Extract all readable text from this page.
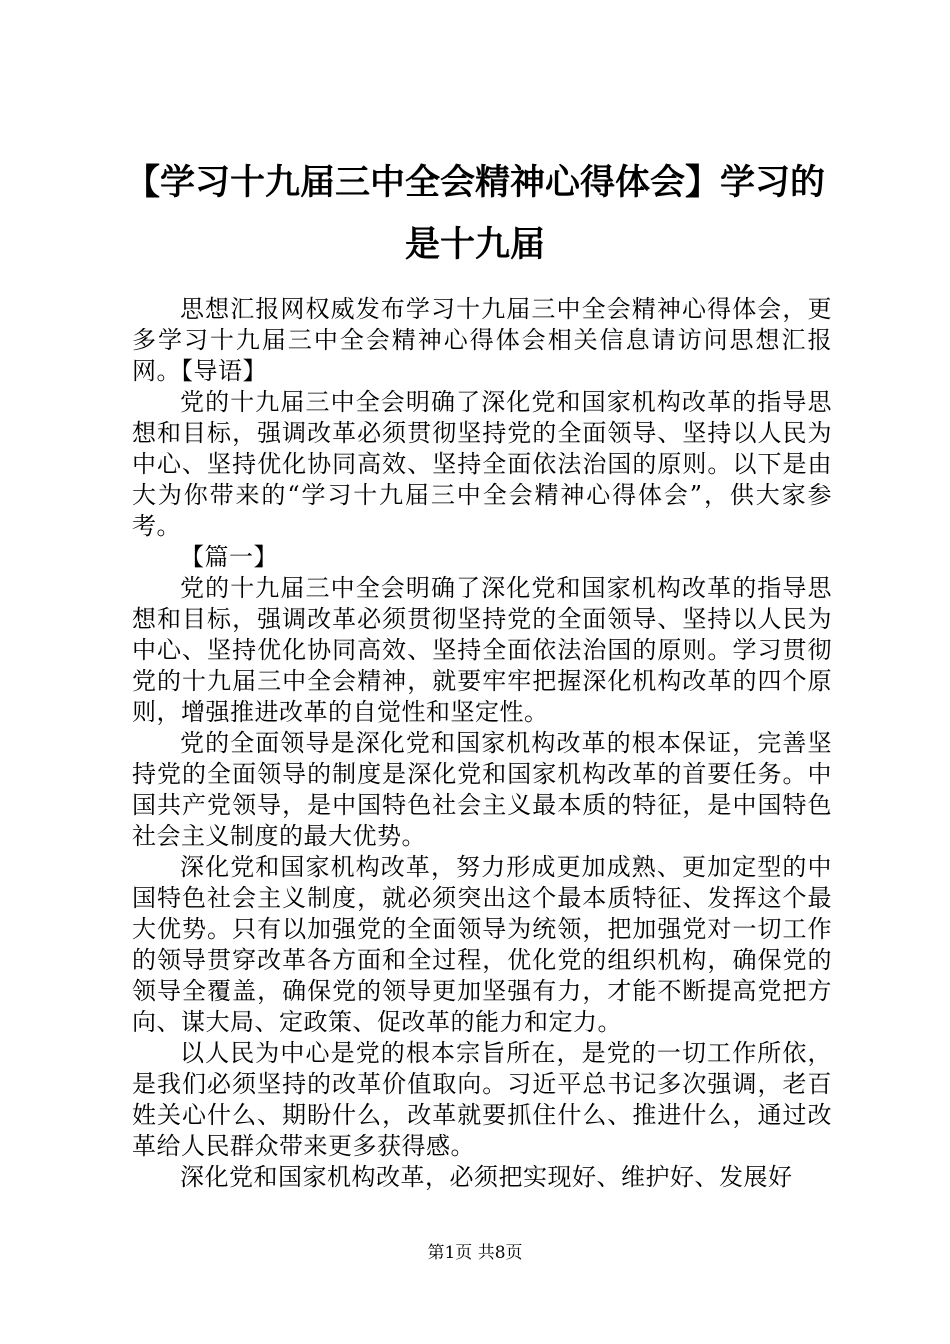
【学习十九届三中全会精神心得体会】学习的是十九届

思想汇报网权威发布学习十九届三中全会精神心得体会，更多学习十九届三中全会精神心得体会相关信息请访问思想汇报网。【导语】

党的十九届三中全会明确了深化党和国家机构改革的指导思想和目标，强调改革必须贯彻坚持党的全面领导、坚持以人民为中心、坚持优化协同高效、坚持全面依法治国的原则。以下是由大为你带来的“学习十九届三中全会精神心得体会”，供大家参考。

【篇一】

党的十九届三中全会明确了深化党和国家机构改革的指导思想和目标，强调改革必须贯彻坚持党的全面领导、坚持以人民为中心、坚持优化协同高效、坚持全面依法治国的原则。学习贯彻党的十九届三中全会精神，就要牢牢把握深化机构改革的四个原则，增强推进改革的自觉性和坚定性。

党的全面领导是深化党和国家机构改革的根本保证，完善坚持党的全面领导的制度是深化党和国家机构改革的首要任务。中国共产党领导，是中国特色社会主义最本质的特征，是中国特色社会主义制度的最大优势。

深化党和国家机构改革，努力形成更加成熟、更加定型的中国特色社会主义制度，就必须突出这个最本质特征、发挥这个最大优势。只有以加强党的全面领导为统领，把加强党对一切工作的领导贯穿改革各方面和全过程，优化党的组织机构，确保党的领导全覆盖，确保党的领导更加坚强有力，才能不断提高党把方向、谋大局、定政策、促改革的能力和定力。

以人民为中心是党的根本宗旨所在，是党的一切工作所依，是我们必须坚持的改革价值取向。习近平总书记多次强调，老百姓关心什么、期盼什么，改革就要抓住什么、推进什么，通过改革给人民群众带来更多获得感。

深化党和国家机构改革，必须把实现好、维护好、发展好

第1页 共8页
